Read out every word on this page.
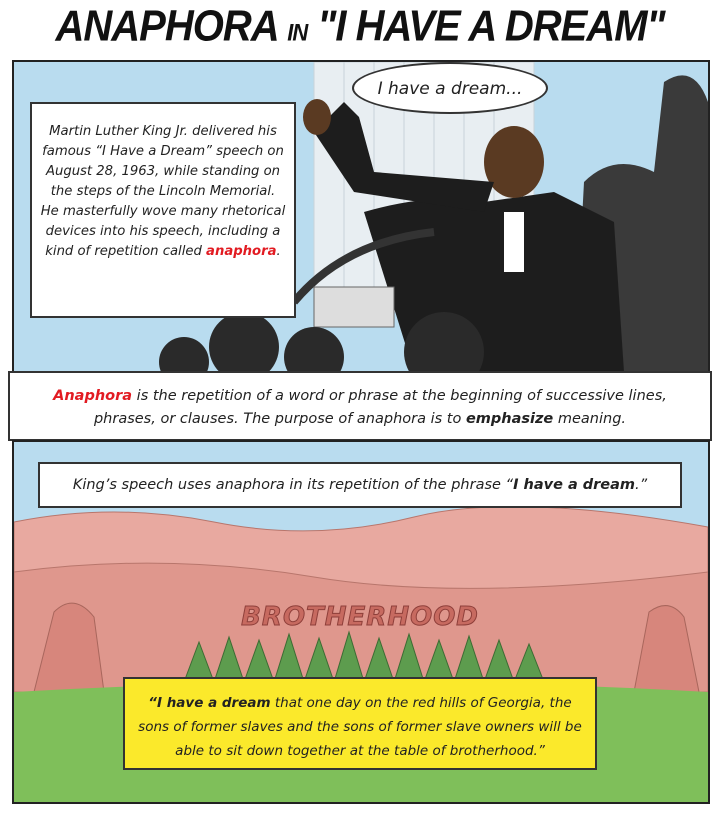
ANAPHORA IN "I HAVE A DREAM"
Martin Luther King Jr. delivered his famous “I Have a Dream” speech on August 28, 1963, while standing on the steps of the Lincoln Memorial. He masterfully wove many rhetorical devices into his speech, including a kind of repetition called anaphora.
I have a dream...
Anaphora is the repetition of a word or phrase at the beginning of successive lines, phrases, or clauses. The purpose of anaphora is to emphasize meaning.
BROTHERHOOD
King’s speech uses anaphora in its repetition of the phrase “I have a dream.”
“I have a dream that one day on the red hills of Georgia, the sons of former slaves and the sons of former slave owners will be able to sit down together at the table of brotherhood.”
